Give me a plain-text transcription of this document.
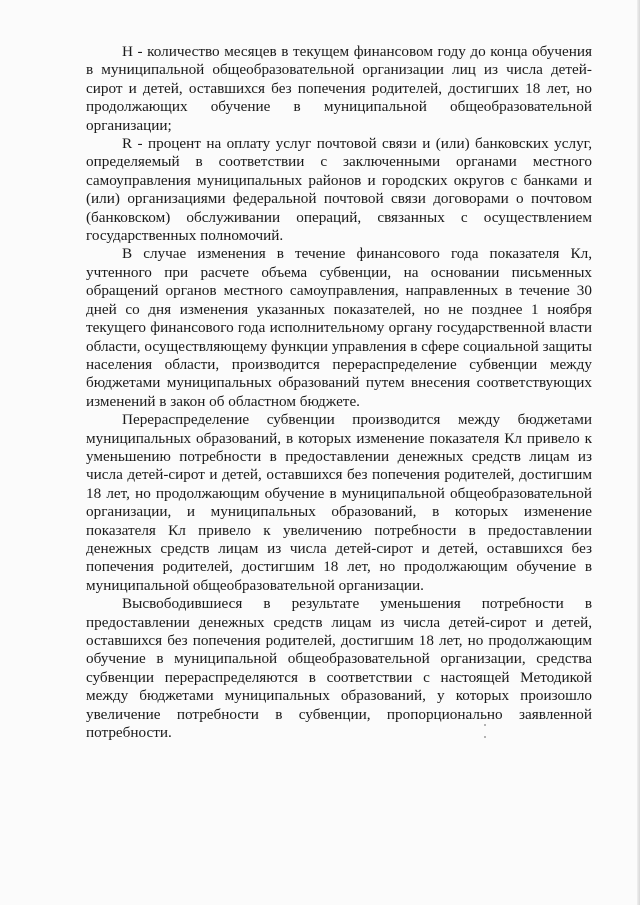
H - количество месяцев в текущем финансовом году до конца обучения в муниципальной общеобразовательной организации лиц из числа детей-сирот и детей, оставшихся без попечения родителей, достигших 18 лет, но продолжающих обучение в муниципальной общеобразовательной организации;

R - процент на оплату услуг почтовой связи и (или) банковских услуг, определяемый в соответствии с заключенными органами местного самоуправления муниципальных районов и городских округов с банками и (или) организациями федеральной почтовой связи договорами о почтовом (банковском) обслуживании операций, связанных с осуществлением государственных полномочий.

В случае изменения в течение финансового года показателя Кл, учтенного при расчете объема субвенции, на основании письменных обращений органов местного самоуправления, направленных в течение 30 дней со дня изменения указанных показателей, но не позднее 1 ноября текущего финансового года исполнительному органу государственной власти области, осуществляющему функции управления в сфере социальной защиты населения области, производится перераспределение субвенции между бюджетами муниципальных образований путем внесения соответствующих изменений в закон об областном бюджете.

Перераспределение субвенции производится между бюджетами муниципальных образований, в которых изменение показателя Кл привело к уменьшению потребности в предоставлении денежных средств лицам из числа детей-сирот и детей, оставшихся без попечения родителей, достигшим 18 лет, но продолжающим обучение в муниципальной общеобразовательной организации, и муниципальных образований, в которых изменение показателя Кл привело к увеличению потребности в предоставлении денежных средств лицам из числа детей-сирот и детей, оставшихся без попечения родителей, достигшим 18 лет, но продолжающим обучение в муниципальной общеобразовательной организации.

Высвободившиеся в результате уменьшения потребности в предоставлении денежных средств лицам из числа детей-сирот и детей, оставшихся без попечения родителей, достигшим 18 лет, но продолжающим обучение в муниципальной общеобразовательной организации, средства субвенции перераспределяются в соответствии с настоящей Методикой между бюджетами муниципальных образований, у которых произошло увеличение потребности в субвенции, пропорционально заявленной потребности.
